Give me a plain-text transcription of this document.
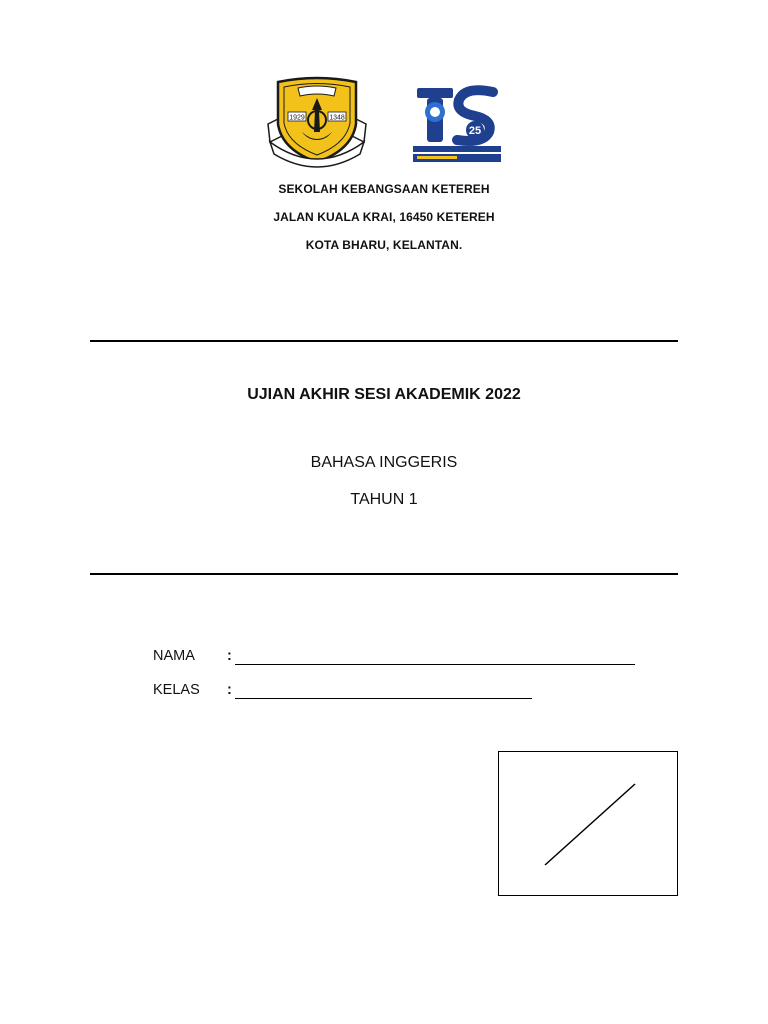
1929	1348
25
SEKOLAH KEBANGSAAN KETEREH
JALAN KUALA KRAI, 16450 KETEREH
KOTA BHARU, KELANTAN.
UJIAN AKHIR SESI AKADEMIK 2022
BAHASA INGGERIS
TAHUN 1
NAMA :
KELAS :
